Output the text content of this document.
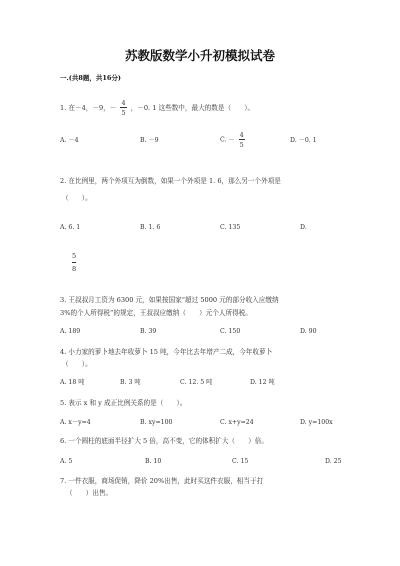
苏教版数学小升初模拟试卷
一.(共8题，共16分)
1. 在－4，－9，－ $\frac{4}{5}$ ，－0. 1 这些数中，最大的数是（　　）。
A. －4	B. －9	C. － $\frac{4}{5}$	D. －0. 1
2. 在比例里，两个外项互为倒数，如果一个外项是 1. 6，那么另一个外项是
（　　）。
A. 6. 1	B. 1. 6	C. 135	D.
$\frac{5}{8}$
3. 王叔叔月工资为 6300 元，如果按国家“超过 5000 元的部分收入应缴纳
3%的个人所得税”的规定，王叔叔应缴纳（　　）元个人所得税。
A. 189	B. 39	C. 150	D. 90
4. 小力家的萝卜地去年收萝卜 15 吨，今年比去年增产二成，今年收萝卜
（　　）。
A. 18 吨	B. 3 吨	C. 12. 5 吨	D. 12 吨
5. 表示 x 和 y 成正比例关系的是（　　）。
A. x－y=4	B. xy=100	C. x+y=24	D. y=100x
6. 一个圆柱的底面半径扩大 5 倍，高不变，它的体积扩大（　　）倍。
A. 5	B. 10	C. 15	D. 25
7. 一件衣服，商场促销，降价 20%出售，此时买这件衣服，相当于打
（　　）出售。
